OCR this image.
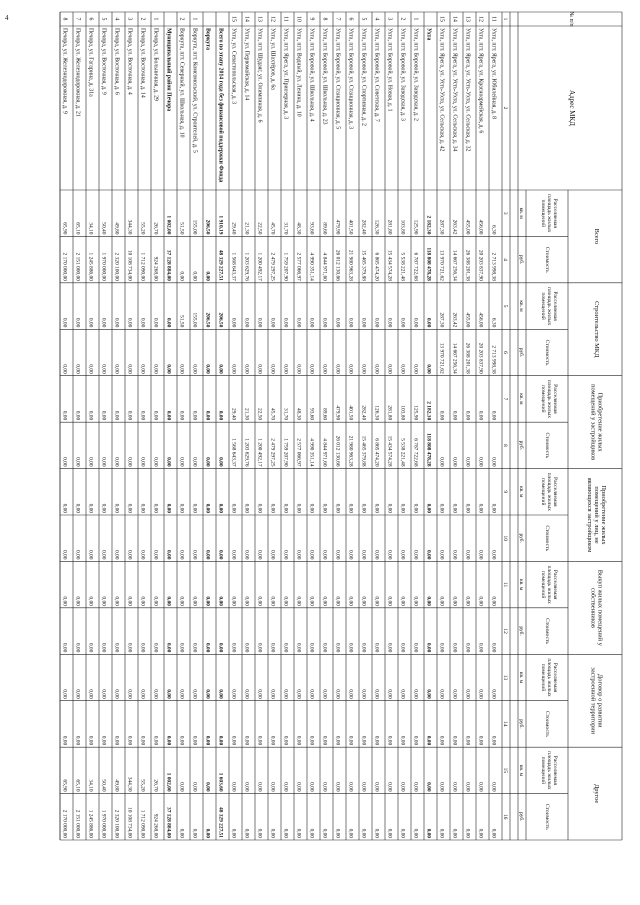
4	№ п/п
Адрес МКД
Всего
Строительство МКД
Приобретение жилыхпомещений у застройщиков
Приобретение жилыхпомещений у лиц, неявляющихся застройщиком
Выкуп жилых помещений усобственников
Договор о развитиизастроенной территории
Другое
Расселяемаяплощадь жилыхпомещений
кв. м
Стоимость
руб.
Расселяемаяплощадь жилыхпомещений
кв. м
Стоимость
руб.
Расселяемаяплощадь жилыхпомещений
кв. м
Стоимость
руб.
Расселяемаяплощадь жилыхпомещений
кв. м
Стоимость
руб.
Расселяемаяплощадь жилыхпомещений
кв. м
Стоимость
руб.
Расселяемаяплощадь жилыхпомещений
кв. м
Стоимость
руб.
Расселяемаяплощадь жилыхпомещений
кв. м
Стоимость
руб.
1
2
3
4
5
6
7
8
9
10
11
12
13
14
15
16
11
Ухта, пгт. Ярега, ул. Юбилейная, д. 8
6,30
2 713 998,38
6,30
2 713 998,38
0,00
0,00
0,00
0,00
0,00
0,00
0,00
0,00
0,00
0,00
12
Ухта, пгт. Ярега, ул. Красноармейская, д. 6
456,00
20 203 837,90
456,00
20 203 837,90
0,00
0,00
0,00
0,00
0,00
0,00
0,00
0,00
0,00
0,00
13
Ухта, пгт. Ярега, ул. Усть-Ухта, ул. Сельская, д. 32
455,00
26 388 201,38
455,00
26 388 201,38
0,00
0,00
0,00
0,00
0,00
0,00
0,00
0,00
0,00
0,00
14
Ухта, пгт. Ярега, ул. Усть-Ухта, ул. Сельская, д. 34
263,42
14 667 256,34
263,42
14 667 256,34
0,00
0,00
0,00
0,00
0,00
0,00
0,00
0,00
0,00
0,00
15
Ухта, пгт. Ярега, ул. Усть-Ухта, ул. Сельская, д. 42
287,30
13 970 721,62
287,30
13 970 721,62
0,00
0,00
0,00
0,00
0,00
0,00
0,00
0,00
0,00
0,00
Ухта
2 182,30
118 808 478,28
0,00
0,00
2 182,30
118 808 478,28
0,00
0,00
0,00
0,00
0,00
0,00
0,00
0,00
1
Ухта, пгт. Боровой, ул. Заводская, д. 2
125,90
6 787 722,68
0,00
0,00
125,90
6 787 722,68
0,00
0,00
0,00
0,00
0,00
0,00
0,00
0,00
2
Ухта, пгт. Боровой, ул. Заводская, д. 3
103,80
5 538 221,48
0,00
0,00
103,80
5 538 221,48
0,00
0,00
0,00
0,00
0,00
0,00
0,00
0,00
3
Ухта, пгт. Боровой, ул. Новая, д. 1
281,80
15 434 574,28
0,00
0,00
281,80
15 434 574,28
0,00
0,00
0,00
0,00
0,00
0,00
0,00
0,00
4
Ухта, пгт. Боровой, ул. Советская, д. 7
126,30
6 865 474,20
0,00
0,00
126,30
6 865 474,20
0,00
0,00
0,00
0,00
0,00
0,00
0,00
0,00
5
Ухта, пгт. Боровой, ул. Спортивная, д. 2
282,40
15 465 379,88
0,00
0,00
282,40
15 465 379,88
0,00
0,00
0,00
0,00
0,00
0,00
0,00
0,00
6
Ухта, пгт. Боровой, ул. Станционная, д. 3
401,50
21 980 963,28
0,00
0,00
401,50
21 980 963,28
0,00
0,00
0,00
0,00
0,00
0,00
0,00
0,00
7
Ухта, пгт. Боровой, ул. Станционная, д. 5
479,90
26 012 130,66
0,00
0,00
479,90
26 012 130,66
0,00
0,00
0,00
0,00
0,00
0,00
0,00
0,00
8
Ухта, пгт. Боровой, ул. Школьная, д. 23
89,60
4 844 971,60
0,00
0,00
89,60
4 844 971,60
0,00
0,00
0,00
0,00
0,00
0,00
0,00
0,00
9
Ухта, пгт. Боровой, ул. Школьная, д. 4
93,60
4 990 351,14
0,00
0,00
93,60
4 990 351,14
0,00
0,00
0,00
0,00
0,00
0,00
0,00
0,00
10
Ухта, пгт. Водный, ул. Ленина, д. 10
48,30
2 577 066,97
0,00
0,00
48,30
2 577 066,97
0,00
0,00
0,00
0,00
0,00
0,00
0,00
0,00
11
Ухта, пгт. Ярега, ул. Приозерная, д. 3
31,70
1 759 207,90
0,00
0,00
31,70
1 759 207,90
0,00
0,00
0,00
0,00
0,00
0,00
0,00
0,00
12
Ухта, ул. Шахтёров, д. 6а
45,70
2 479 297,25
0,00
0,00
45,70
2 479 297,25
0,00
0,00
0,00
0,00
0,00
0,00
0,00
0,00
13
Ухта, пгт. Шудаяг, ул. Олимпиная, д. 6
22,50
1 200 492,17
0,00
0,00
22,50
1 200 492,17
0,00
0,00
0,00
0,00
0,00
0,00
0,00
0,00
14
Ухта, ул. Первомайская, д. 14
21,30
1 203 629,76
0,00
0,00
21,30
1 203 629,76
0,00
0,00
0,00
0,00
0,00
0,00
0,00
0,00
15
Ухта, ул. Севастопольская, д. 3
29,40
1 568 643,37
0,00
0,00
29,40
1 568 643,37
0,00
0,00
0,00
0,00
0,00
0,00
0,00
0,00
Всего по этапу 2014 года без финансовой поддержки Фонда
1 910,19
48 329 227,51
206,50
0,00
0,00
0,00
0,00
0,00
0,00
0,00
0,00
0,00
1 603,60
48 329 227,51
Воркута
206,50
0,00
206,50
0,00
0,00
0,00
0,00
0,00
0,00
0,00
0,00
0,00
0,00
0,00
1
Воркута, пгт. Комсомольский, ул. Строителей, д. 5
155,00
0,00
155,00
0,00
0,00
0,00
0,00
0,00
0,00
0,00
0,00
0,00
0,00
0,00
2
Воркута, пгт. Северный, ул. Школьная, д. 10
51,50
0,00
51,50
0,00
0,00
0,00
0,00
0,00
0,00
0,00
0,00
0,00
0,00
0,00
Муниципальный район Печора
1 002,00
37 128 884,00
0,00
0,00
0,00
0,00
0,00
0,00
0,00
0,00
0,00
0,00
1 002,00
37 128 884,00
1
Печора, ул. Больничная, д. 29
26,70
924 268,00
0,00
0,00
0,00
0,00
0,00
0,00
0,00
0,00
0,00
0,00
26,70
924 268,00
2
Печора, ул. Восточная, д. 14
55,20
1 712 090,00
0,00
0,00
0,00
0,00
0,00
0,00
0,00
0,00
0,00
0,00
55,20
1 712 090,00
3
Печора, ул. Восточная, д. 4
344,30
10 108 734,00
0,00
0,00
0,00
0,00
0,00
0,00
0,00
0,00
0,00
0,00
344,30
10 108 734,00
4
Печора, ул. Восточная, д. 6
49,80
2 320 100,00
0,00
0,00
0,00
0,00
0,00
0,00
0,00
0,00
0,00
0,00
49,80
2 320 100,00
5
Печора, ул. Восточная, д. 9
50,40
1 970 000,00
0,00
0,00
0,00
0,00
0,00
0,00
0,00
0,00
0,00
0,00
50,40
1 970 000,00
6
Печора, ул. Гагарина, д. 31а
34,10
1 245 886,00
0,00
0,00
0,00
0,00
0,00
0,00
0,00
0,00
0,00
0,00
34,10
1 245 886,00
7
Печора, ул. Железнодорожная, д. 21
65,10
2 151 000,00
0,00
0,00
0,00
0,00
0,00
0,00
0,00
0,00
0,00
0,00
65,10
2 151 000,00
8
Печора, ул. Железнодорожная, д. 9
65,90
2 170 000,00
0,00
0,00
0,00
0,00
0,00
0,00
0,00
0,00
0,00
0,00
65,90
2 170 000,00
